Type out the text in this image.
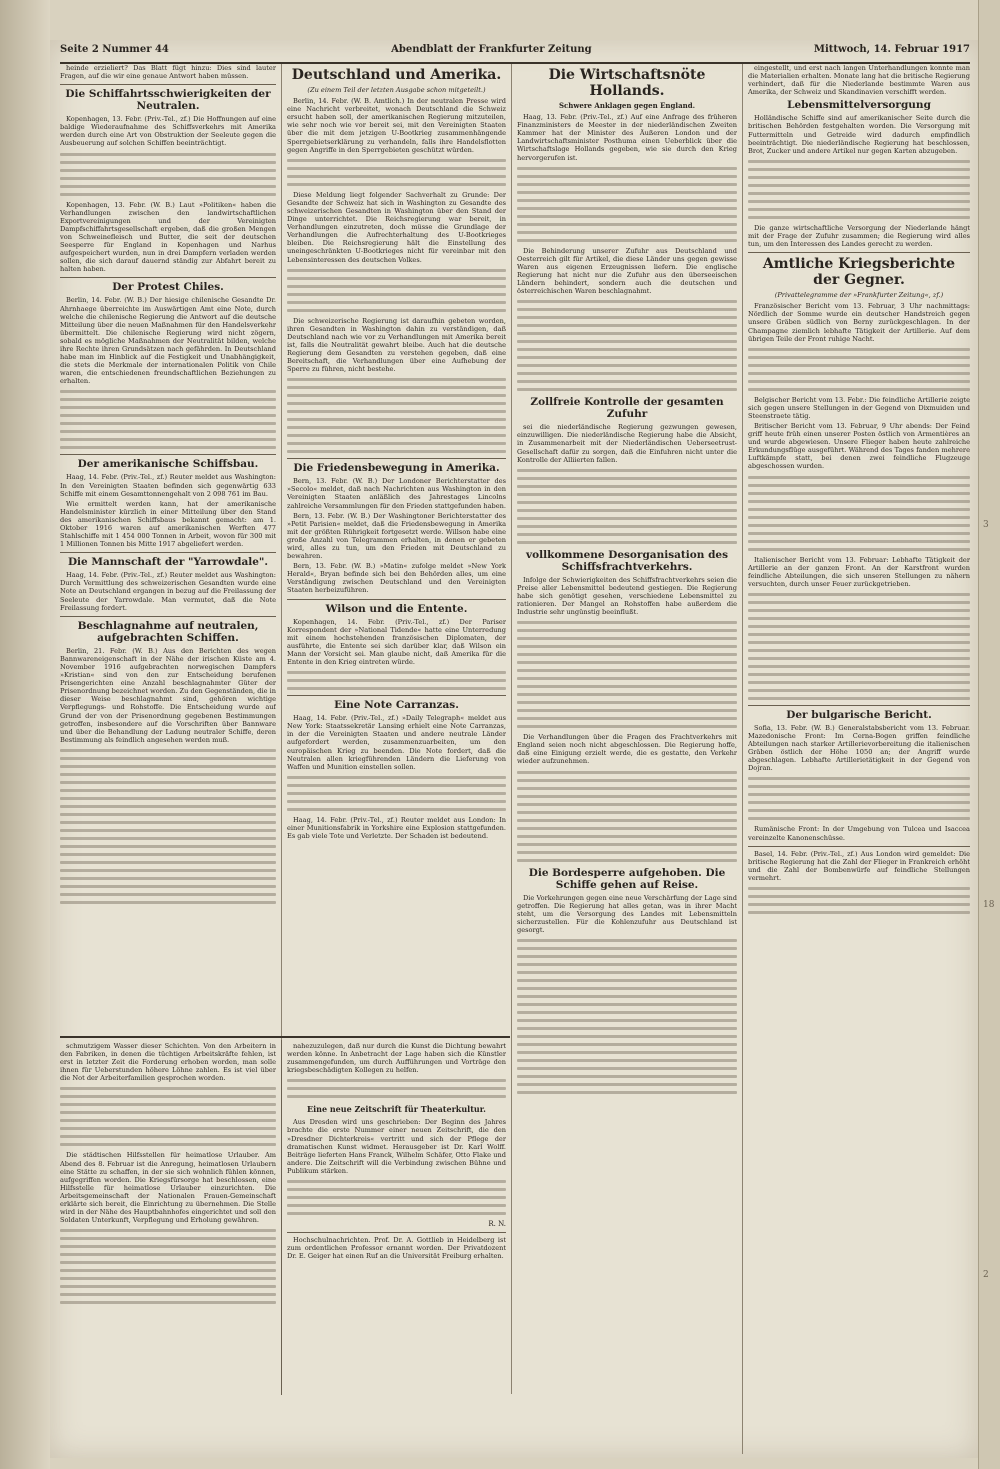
3
18
2
Seite 2 Nummer 44	Abendblatt der Frankfurter Zeitung	Mittwoch, 14. Februar 1917

heinde erzieliert? Das Blatt fügt hinzu: Dies sind lauter Fragen, auf die wir eine genaue Antwort haben müssen.

Die Schiffahrtsschwierigkeiten der Neutralen.

Kopenhagen, 13. Febr. (Priv.-Tel., zf.) Die Hoffnungen auf eine baldige Wiederaufnahme des Schiffsverkehrs mit Amerika werden durch eine Art von Obstruktion der Seeleute gegen die Ausbeuerung auf solchen Schiffen beeinträchtigt.

Kopenhagen, 13. Febr. (W. B.) Laut »Politiken« haben die Verhandlungen zwischen den landwirtschaftlichen Exportvereinigungen und der Vereinigten Dampfschiffahrtsgesellschaft ergeben, daß die großen Mengen von Schweinefleisch und Butter, die seit der deutschen Seesperre für England in Kopenhagen und Narhus aufgespeichert wurden, nun in drei Dampfern verladen werden sollen, die sich darauf dauernd ständig zur Abfahrt bereit zu halten haben.

Der Protest Chiles.

Berlin, 14. Febr. (W. B.) Der hiesige chilenische Gesandte Dr. Ahrnhaege überreichte im Auswärtigen Amt eine Note, durch welche die chilenische Regierung die Antwort auf die deutsche Mitteilung über die neuen Maßnahmen für den Handelsverkehr übermittelt. Die chilenische Regierung wird nicht zögern, sobald es mögliche Maßnahmen der Neutralität bilden, welche ihre Rechte ihren Grundsätzen nach gefährden. In Deutschland habe man im Hinblick auf die Festigkeit und Unabhängigkeit, die stets die Merkmale der internationalen Politik von Chile waren, die entschiedenen freundschaftlichen Beziehungen zu erhalten.

Der amerikanische Schiffsbau.

Haag, 14. Febr. (Priv.-Tel., zf.) Reuter meldet aus Washington: In den Vereinigten Staaten befinden sich gegenwärtig 633 Schiffe mit einem Gesamttonnengehalt von 2 098 761 im Bau.

Wie ermittelt werden kann, hat der amerikanische Handelsminister kürzlich in einer Mitteilung über den Stand des amerikanischen Schiffsbaus bekannt gemacht: am 1. Oktober 1916 waren auf amerikanischen Werften 477 Stahlschiffe mit 1 454 000 Tonnen in Arbeit, wovon für 300 mit 1 Millionen Tonnen bis Mitte 1917 abgeliefert werden.

Die Mannschaft der "Yarrowdale".

Haag, 14. Febr. (Priv.-Tel., zf.) Reuter meldet aus Washington: Durch Vermittlung des schweizerischen Gesandten wurde eine Note an Deutschland ergangen in bezug auf die Freilassung der Seeleute der Yarrowdale. Man vermutet, daß die Note Freilassung fordert.

Beschlagnahme auf neutralen, aufgebrachten Schiffen.

Berlin, 21. Febr. (W. B.) Aus den Berichten des wegen Bannwareneigenschaft in der Nähe der irischen Küste am 4. November 1916 aufgebrachten norwegischen Dampfers »Kristian« sind von den zur Entscheidung berufenen Prisengerichten eine Anzahl beschlagnahmter Güter der Prisenordnung bezeichnet worden. Zu den Gegenständen, die in dieser Weise beschlagnahmt sind, gehören wichtige Verpflegungs- und Rohstoffe. Die Entscheidung wurde auf Grund der von der Prisenordnung gegebenen Bestimmungen getroffen, insbesondere auf die Vorschriften über Bannware und über die Behandlung der Ladung neutraler Schiffe, deren Bestimmung als feindlich angesehen werden muß.

Deutschland und Amerika.
(Zu einem Teil der letzten Ausgabe schon mitgeteilt.)

Berlin, 14. Febr. (W. B. Amtlich.) In der neutralen Presse wird eine Nachricht verbreitet, wonach Deutschland die Schweiz ersucht haben soll, der amerikanischen Regierung mitzuteilen, wie sehr noch wie vor bereit sei, mit den Vereinigten Staaten über die mit dem jetzigen U-Bootkrieg zusammenhängende Sperrgebietserklärung zu verhandeln, falls ihre Handelsflotten gegen Angriffe in den Sperrgebieten geschützt würden.

Diese Meldung liegt folgender Sachverhalt zu Grunde: Der Gesandte der Schweiz hat sich in Washington zu Gesandte des schweizerischen Gesandten in Washington über den Stand der Dinge unterrichtet. Die Reichsregierung war bereit, in Verhandlungen einzutreten, doch müsse die Grundlage der Verhandlungen die Aufrechterhaltung des U-Bootkrieges bleiben. Die Reichsregierung hält die Einstellung des uneingeschränkten U-Bootkrieges nicht für vereinbar mit den Lebensinteressen des deutschen Volkes.

Die schweizerische Regierung ist daraufhin gebeten worden, ihren Gesandten in Washington dahin zu verständigen, daß Deutschland nach wie vor zu Verhandlungen mit Amerika bereit ist, falls die Neutralität gewahrt bleibe. Auch hat die deutsche Regierung dem Gesandten zu verstehen gegeben, daß eine Bereitschaft, die Verhandlungen über eine Aufhebung der Sperre zu führen, nicht bestehe.

Die Friedensbewegung in Amerika.

Bern, 13. Febr. (W. B.) Der Londoner Berichterstatter des »Secolo« meldet, daß nach Nachrichten aus Washington in den Vereinigten Staaten anläßlich des Jahrestages Lincolns zahlreiche Versammlungen für den Frieden stattgefunden haben.

Bern, 13. Febr. (W. B.) Der Washingtoner Berichterstatter des »Petit Parisien« meldet, daß die Friedensbewegung in Amerika mit der größten Rührigkeit fortgesetzt werde. Willson habe eine große Anzahl von Telegrammen erhalten, in denen er gebeten wird, alles zu tun, um den Frieden mit Deutschland zu bewahren.

Bern, 13. Febr. (W. B.) »Matin« zufolge meldet »New York Herald«, Bryan befinde sich bei den Behörden alles, um eine Verständigung zwischen Deutschland und den Vereinigten Staaten herbeizuführen.

Wilson und die Entente.

Kopenhagen, 14. Febr. (Priv.-Tel., zf.) Der Pariser Korrespondent der »National Tidende« hatte eine Unterredung mit einem hochstehenden französischen Diplomaten, der ausführte, die Entente sei sich darüber klar, daß Wilson ein Mann der Vorsicht sei. Man glaube nicht, daß Amerika für die Entente in den Krieg eintreten würde.

Eine Note Carranzas.

Haag, 14. Febr. (Priv.-Tel., zf.) »Daily Telegraph« meldet aus New York: Staatssekretär Lansing erhielt eine Note Carranzas, in der die Vereinigten Staaten und andere neutrale Länder aufgefordert werden, zusammenzuarbeiten, um den europäischen Krieg zu beenden. Die Note fordert, daß die Neutralen allen kriegführenden Ländern die Lieferung von Waffen und Munition einstellen sollen.

Haag, 14. Febr. (Priv.-Tel., zf.) Reuter meldet aus London: In einer Munitionsfabrik in Yorkshire eine Explosion stattgefunden. Es gab viele Tote und Verletzte. Der Schaden ist bedeutend.

Die Wirtschaftsnöte Hollands.
Schwere Anklagen gegen England.

Haag, 13. Febr. (Priv.-Tel., zf.) Auf eine Anfrage des früheren Finanzministers de Meester in der niederländischen Zweiten Kammer hat der Minister des Äußeren London und der Landwirtschaftsminister Posthuma einen Ueberblick über die Wirtschaftslage Hollands gegeben, wie sie durch den Krieg hervorgerufen ist.

Die Behinderung unserer Zufuhr aus Deutschland und Oesterreich gilt für Artikel, die diese Länder uns gegen gewisse Waren aus eigenen Erzeugnissen liefern. Die englische Regierung hat nicht nur die Zufuhr aus den überseeischen Ländern behindert, sondern auch die deutschen und österreichischen Waren beschlagnahmt.

Zollfreie Kontrolle der gesamten Zufuhr

sei die niederländische Regierung gezwungen gewesen, einzuwilligen. Die niederländische Regierung habe die Absicht, in Zusammenarbeit mit der Niederländischen Ueberseetrust-Gesellschaft dafür zu sorgen, daß die Einfuhren nicht unter die Kontrolle der Alliierten fallen.

vollkommene Desorganisation des Schiffsfrachtverkehrs.

Infolge der Schwierigkeiten des Schiffsfrachtverkehrs seien die Preise aller Lebensmittel bedeutend gestiegen. Die Regierung habe sich genötigt gesehen, verschiedene Lebensmittel zu rationieren. Der Mangel an Rohstoffen habe außerdem die Industrie sehr ungünstig beeinflußt.

Die Verhandlungen über die Fragen des Frachtverkehrs mit England seien noch nicht abgeschlossen. Die Regierung hoffe, daß eine Einigung erzielt werde, die es gestatte, den Verkehr wieder aufzunehmen.

Die Bordesperre aufgehoben. Die Schiffe gehen auf Reise.

Die Vorkehrungen gegen eine neue Verschärfung der Lage sind getroffen. Die Regierung hat alles getan, was in ihrer Macht steht, um die Versorgung des Landes mit Lebensmitteln sicherzustellen. Für die Kohlenzufuhr aus Deutschland ist gesorgt.

eingestellt, und erst nach langen Unterhandlungen konnte man die Materialien erhalten. Monate lang hat die britische Regierung verhindert, daß für die Niederlande bestimmte Waren aus Amerika, der Schweiz und Skandinavien verschifft werden.

Lebensmittelversorgung

Holländische Schiffe sind auf amerikanischer Seite durch die britischen Behörden festgehalten worden. Die Versorgung mit Futtermitteln und Getreide wird dadurch empfindlich beeinträchtigt. Die niederländische Regierung hat beschlossen, Brot, Zucker und andere Artikel nur gegen Karten abzugeben.

Die ganze wirtschaftliche Versorgung der Niederlande hängt mit der Frage der Zufuhr zusammen; die Regierung wird alles tun, um den Interessen des Landes gerecht zu werden.

Amtliche Kriegsberichte der Gegner.
(Privattelegramme der »Frankfurter Zeitung«, zf.)

Französischer Bericht vom 13. Februar, 3 Uhr nachmittags: Nördlich der Somme wurde ein deutscher Handstreich gegen unsere Gräben südlich von Berny zurückgeschlagen. In der Champagne ziemlich lebhafte Tätigkeit der Artillerie. Auf dem übrigen Teile der Front ruhige Nacht.

Belgischer Bericht vom 13. Febr.: Die feindliche Artillerie zeigte sich gegen unsere Stellungen in der Gegend von Dixmuiden und Steenstraete tätig.

Britischer Bericht vom 13. Februar, 9 Uhr abends: Der Feind griff heute früh einen unserer Posten östlich von Armentières an und wurde abgewiesen. Unsere Flieger haben heute zahlreiche Erkundungsflüge ausgeführt. Während des Tages fanden mehrere Luftkämpfe statt, bei denen zwei feindliche Flugzeuge abgeschossen wurden.

Italienischer Bericht vom 13. Februar: Lebhafte Tätigkeit der Artillerie an der ganzen Front. An der Karstfront wurden feindliche Abteilungen, die sich unseren Stellungen zu nähern versuchten, durch unser Feuer zurückgetrieben.

Der bulgarische Bericht.

Sofia, 13. Febr. (W. B.) Generalstabsbericht vom 13. Februar. Mazedonische Front: Im Cerna-Bogen griffen feindliche Abteilungen nach starker Artillerievorbereitung die italienischen Gräben östlich der Höhe 1050 an; der Angriff wurde abgeschlagen. Lebhafte Artillerietätigkeit in der Gegend von Dojran.

Rumänische Front: In der Umgebung von Tulcea und Isaccea vereinzelte Kanonenschüsse.

Basel, 14. Febr. (Priv.-Tel., zf.) Aus London wird gemeldet: Die britische Regierung hat die Zahl der Flieger in Frankreich erhöht und die Zahl der Bombenwürfe auf feindliche Stellungen vermehrt.

schmutzigem Wasser dieser Schichten. Von den Arbeitern in den Fabriken, in denen die tüchtigen Arbeitskräfte fehlen, ist erst in letzter Zeit die Forderung erhoben worden, man solle ihnen für Ueberstunden höhere Löhne zahlen. Es ist viel über die Not der Arbeiterfamilien gesprochen worden.

Die städtischen Hilfsstellen für heimatlose Urlauber. Am Abend des 8. Februar ist die Anregung, heimatlosen Urlaubern eine Stätte zu schaffen, in der sie sich wohnlich fühlen können, aufgegriffen worden. Die Kriegsfürsorge hat beschlossen, eine Hilfsstelle für heimatlose Urlauber einzurichten. Die Arbeitsgemeinschaft der Nationalen Frauen-Gemeinschaft erklärte sich bereit, die Einrichtung zu übernehmen. Die Stelle wird in der Nähe des Hauptbahnhofes eingerichtet und soll den Soldaten Unterkunft, Verpflegung und Erholung gewähren.

nahezuzulegen, daß nur durch die Kunst die Dichtung bewahrt werden könne. In Anbetracht der Lage haben sich die Künstler zusammengefunden, um durch Aufführungen und Vorträge den kriegsbeschädigten Kollegen zu helfen.

Eine neue Zeitschrift für Theaterkultur.

Aus Dresden wird uns geschrieben: Der Beginn des Jahres brachte die erste Nummer einer neuen Zeitschrift, die den »Dresdner Dichterkreis« vertritt und sich der Pflege der dramatischen Kunst widmet. Herausgeber ist Dr. Karl Wolff. Beiträge lieferten Hans Franck, Wilhelm Schäfer, Otto Flake und andere. Die Zeitschrift will die Verbindung zwischen Bühne und Publikum stärken.

R. N.

Hochschulnachrichten. Prof. Dr. A. Gottlieb in Heidelberg ist zum ordentlichen Professor ernannt worden. Der Privatdozent Dr. E. Geiger hat einen Ruf an die Universität Freiburg erhalten.
